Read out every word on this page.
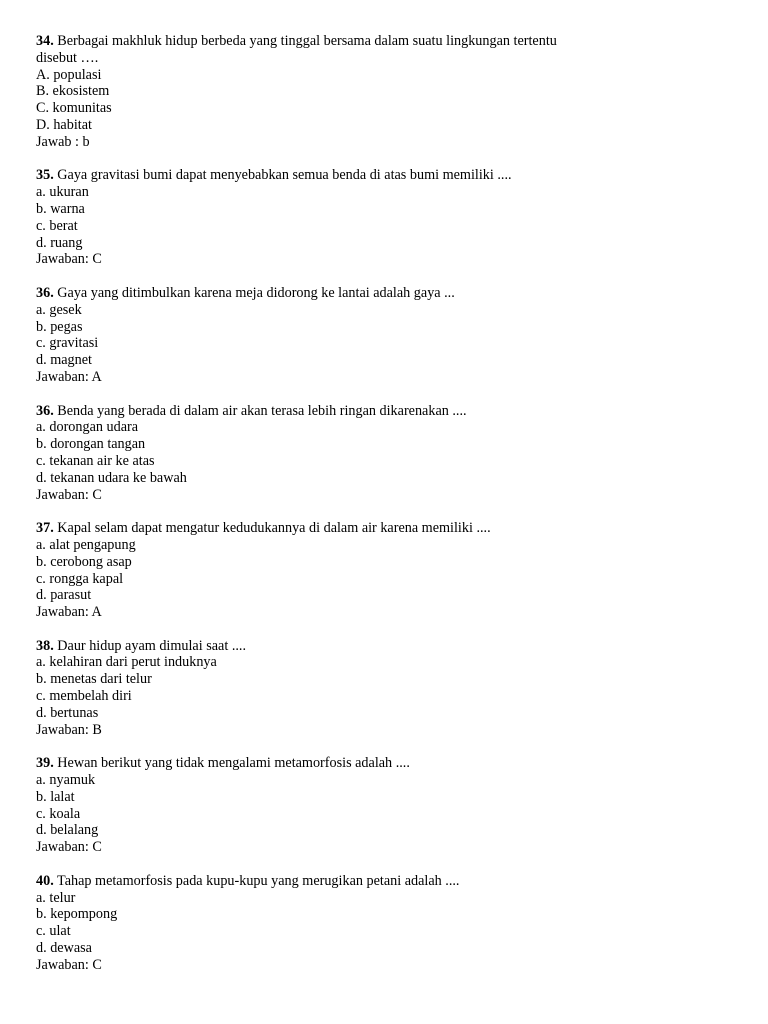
34. Berbagai makhluk hidup berbeda yang tinggal bersama dalam suatu lingkungan tertentu
disebut ….
A. populasi
B. ekosistem
C. komunitas
D. habitat
Jawab : b
35. Gaya gravitasi bumi dapat menyebabkan semua benda di atas bumi memiliki ....
a. ukuran
b. warna
c. berat
d. ruang
Jawaban: C
36. Gaya yang ditimbulkan karena meja didorong ke lantai adalah gaya ...
a. gesek
b. pegas
c. gravitasi
d. magnet
Jawaban: A
36. Benda yang berada di dalam air akan terasa lebih ringan dikarenakan ....
a. dorongan udara
b. dorongan tangan
c. tekanan air ke atas
d. tekanan udara ke bawah
Jawaban: C
37. Kapal selam dapat mengatur kedudukannya di dalam air karena memiliki ....
a. alat pengapung
b. cerobong asap
c. rongga kapal
d. parasut
Jawaban: A
38. Daur hidup ayam dimulai saat ....
a. kelahiran dari perut induknya
b. menetas dari telur
c. membelah diri
d. bertunas
Jawaban: B
39. Hewan berikut yang tidak mengalami metamorfosis adalah ....
a. nyamuk
b. lalat
c. koala
d. belalang
Jawaban: C
40. Tahap metamorfosis pada kupu-kupu yang merugikan petani adalah ....
a. telur
b. kepompong
c. ulat
d. dewasa
Jawaban: C
